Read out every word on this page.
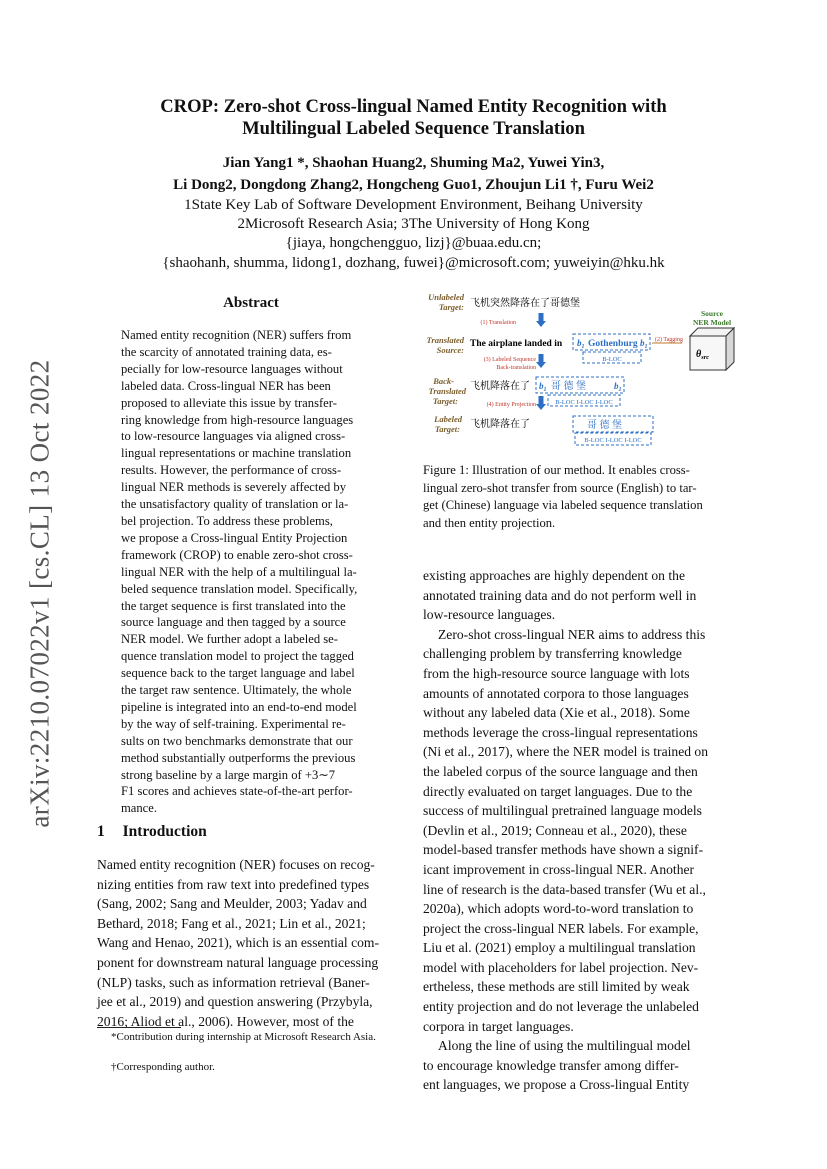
arXiv:2210.07022v1 [cs.CL] 13 Oct 2022
CROP: Zero-shot Cross-lingual Named Entity Recognition with
Multilingual Labeled Sequence Translation
Jian Yang1 *, Shaohan Huang2, Shuming Ma2, Yuwei Yin3,
Li Dong2, Dongdong Zhang2, Hongcheng Guo1, Zhoujun Li1 †, Furu Wei2
1State Key Lab of Software Development Environment, Beihang University
2Microsoft Research Asia; 3The University of Hong Kong
{jiaya, hongchengguo, lizj}@buaa.edu.cn;
{shaohanh, shumma, lidong1, dozhang, fuwei}@microsoft.com; yuweiyin@hku.hk
Abstract
Named entity recognition (NER) suffers from
the scarcity of annotated training data, es-
pecially for low-resource languages without
labeled data. Cross-lingual NER has been
proposed to alleviate this issue by transfer-
ring knowledge from high-resource languages
to low-resource languages via aligned cross-
lingual representations or machine translation
results. However, the performance of cross-
lingual NER methods is severely affected by
the unsatisfactory quality of translation or la-
bel projection. To address these problems,
we propose a Cross-lingual Entity Projection
framework (CROP) to enable zero-shot cross-
lingual NER with the help of a multilingual la-
beled sequence translation model. Specifically,
the target sequence is first translated into the
source language and then tagged by a source
NER model. We further adopt a labeled se-
quence translation model to project the tagged
sequence back to the target language and label
the target raw sentence. Ultimately, the whole
pipeline is integrated into an end-to-end model
by the way of self-training. Experimental re-
sults on two benchmarks demonstrate that our
method substantially outperforms the previous
strong baseline by a large margin of +3∼7
F1 scores and achieves state-of-the-art perfor-
mance.
1 Introduction
Named entity recognition (NER) focuses on recog-
nizing entities from raw text into predefined types
(Sang, 2002; Sang and Meulder, 2003; Yadav and
Bethard, 2018; Fang et al., 2021; Lin et al., 2021;
Wang and Henao, 2021), which is an essential com-
ponent for downstream natural language processing
(NLP) tasks, such as information retrieval (Baner-
jee et al., 2019) and question answering (Przybyla,
2016; Aliod et al., 2006). However, most of the
*Contribution during internship at Microsoft Research Asia.
†Corresponding author.
Unlabeled
Target:
Translated
Source:
Back-
Translated
Target:
Labeled
Target:
飞机突然降落在了哥德堡
(1) Translation
The airplane landed in $b_1$ Gothenburg $b_1$
B-LOC
(2) Tagging
$\theta_{src}$
Source
NER Model
(3) Labeled Sequence
Back-translation
飞机降落在了 $b_1$ 哥 德 堡	$b_1$
B-LOC I-LOC I-LOC
(4) Entity Projection
飞机降落在了	哥 德 堡
B-LOC I-LOC I-LOC
Figure 1: Illustration of our method. It enables cross-
lingual zero-shot transfer from source (English) to tar-
get (Chinese) language via labeled sequence translation
and then entity projection.
existing approaches are highly dependent on the
annotated training data and do not perform well in
low-resource languages.
Zero-shot cross-lingual NER aims to address this
challenging problem by transferring knowledge
from the high-resource source language with lots
amounts of annotated corpora to those languages
without any labeled data (Xie et al., 2018). Some
methods leverage the cross-lingual representations
(Ni et al., 2017), where the NER model is trained on
the labeled corpus of the source language and then
directly evaluated on target languages. Due to the
success of multilingual pretrained language models
(Devlin et al., 2019; Conneau et al., 2020), these
model-based transfer methods have shown a signif-
icant improvement in cross-lingual NER. Another
line of research is the data-based transfer (Wu et al.,
2020a), which adopts word-to-word translation to
project the cross-lingual NER labels. For example,
Liu et al. (2021) employ a multilingual translation
model with placeholders for label projection. Nev-
ertheless, these methods are still limited by weak
entity projection and do not leverage the unlabeled
corpora in target languages.
Along the line of using the multilingual model
to encourage knowledge transfer among differ-
ent languages, we propose a Cross-lingual Entity
